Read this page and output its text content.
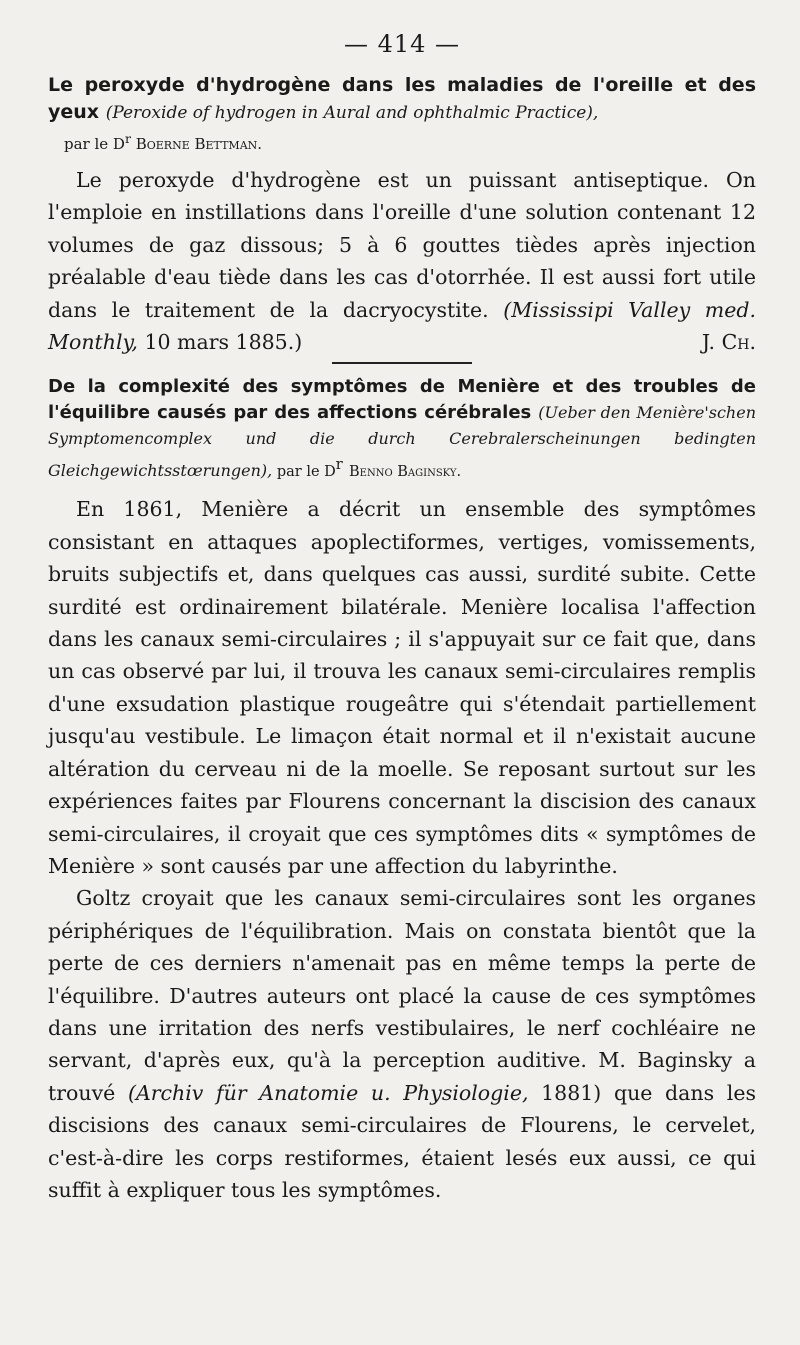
— 414 —

Le peroxyde d'hydrogène dans les maladies de l'oreille et des yeux (Peroxide of hydrogen in Aural and ophthalmic Practice),

par le $D^r$ Boerne Bettman.

Le peroxyde d'hydrogène est un puissant antiseptique. On l'emploie en instillations dans l'oreille d'une solution contenant 12 volumes de gaz dissous; 5 à 6 gouttes tièdes après injection préalable d'eau tiède dans les cas d'otorrhée. Il est aussi fort utile dans le traitement de la dacryocystite. (Mississipi Valley med. Monthly, 10 mars 1885.)	J. Ch.

De la complexité des symptômes de Menière et des troubles de l'équilibre causés par des affections cérébrales (Ueber den Menière'schen Symptomencomplex und die durch Cerebralerscheinungen bedingten Gleichgewichtsstœrungen), par le $D^r$ Benno Baginsky.

En 1861, Menière a décrit un ensemble des symptômes consistant en attaques apoplectiformes, vertiges, vomissements, bruits subjectifs et, dans quelques cas aussi, surdité subite. Cette surdité est ordinairement bilatérale. Menière localisa l'affection dans les canaux semi-circulaires ; il s'appuyait sur ce fait que, dans un cas observé par lui, il trouva les canaux semi-circulaires remplis d'une exsudation plastique rougeâtre qui s'étendait partiellement jusqu'au vestibule. Le limaçon était normal et il n'existait aucune altération du cerveau ni de la moelle. Se reposant surtout sur les expériences faites par Flourens concernant la discision des canaux semi-circulaires, il croyait que ces symptômes dits « symptômes de Menière » sont causés par une affection du labyrinthe.

Goltz croyait que les canaux semi-circulaires sont les organes périphériques de l'équilibration. Mais on constata bientôt que la perte de ces derniers n'amenait pas en même temps la perte de l'équilibre. D'autres auteurs ont placé la cause de ces symptômes dans une irritation des nerfs vestibulaires, le nerf cochléaire ne servant, d'après eux, qu'à la perception auditive. M. Baginsky a trouvé (Archiv für Anatomie u. Physiologie, 1881) que dans les discisions des canaux semi-circulaires de Flourens, le cervelet, c'est-à-dire les corps restiformes, étaient lesés eux aussi, ce qui suffit à expliquer tous les symptômes.
